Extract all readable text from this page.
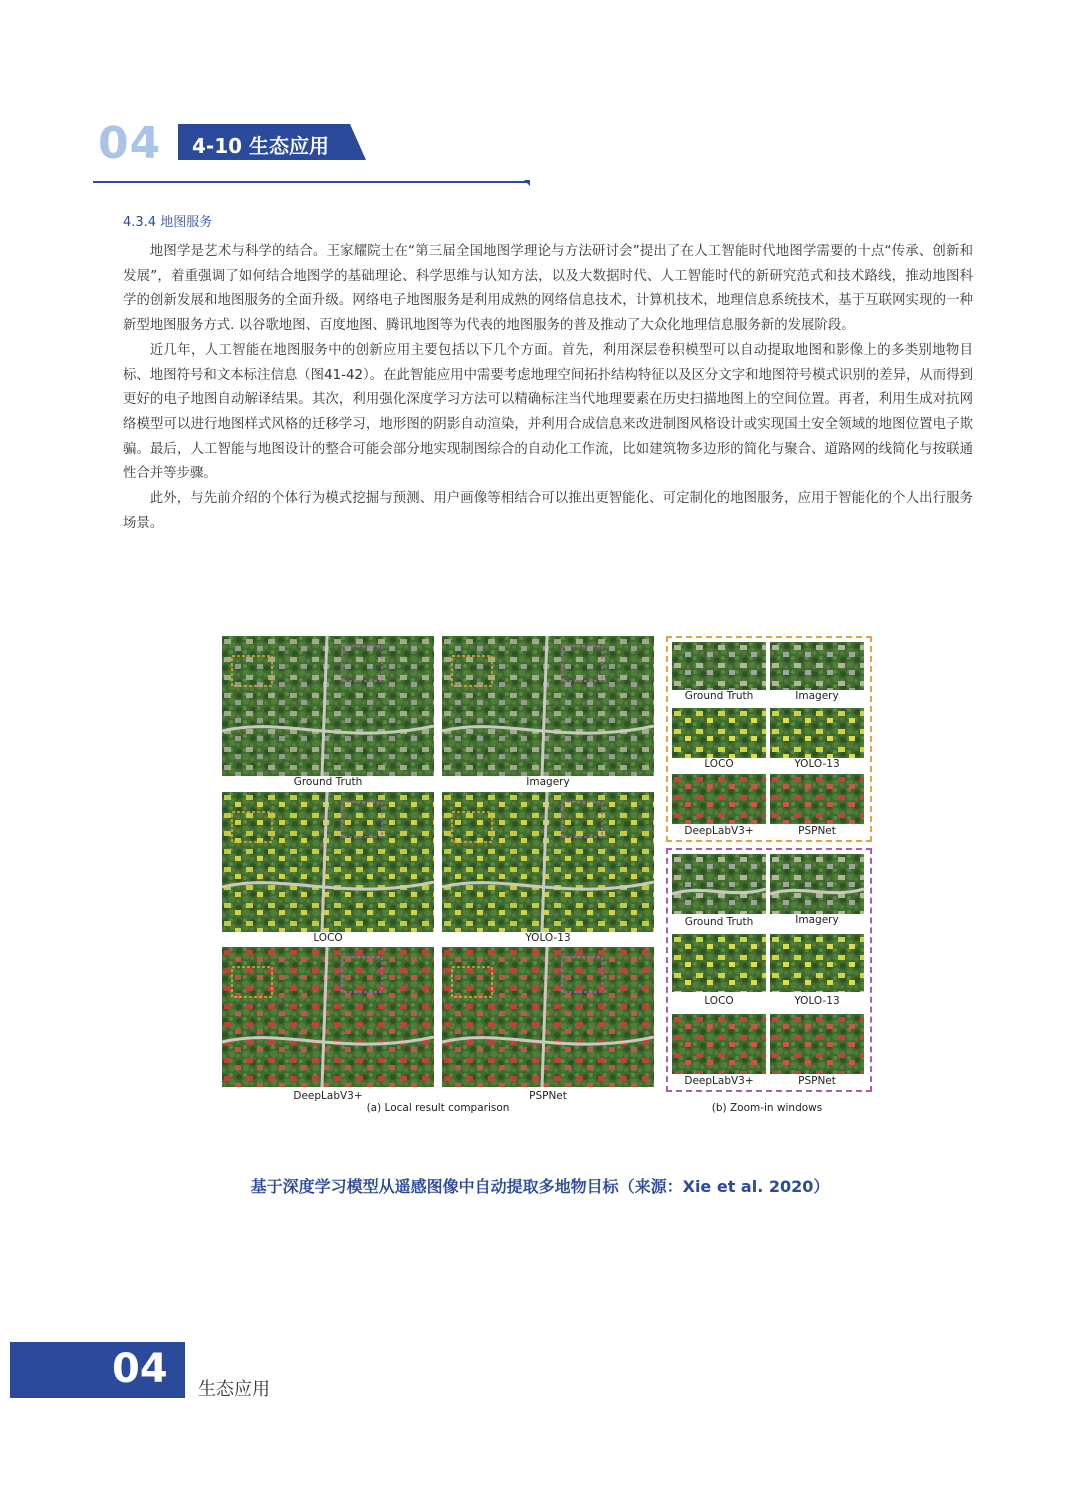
04 4-10 生态应用
4.3.4 地图服务

地图学是艺术与科学的结合。王家耀院士在“第三届全国地图学理论与方法研讨会”提出了在人工智能时代地图学需要的十点“传承、创新和发展”，着重强调了如何结合地图学的基础理论、科学思维与认知方法，以及大数据时代、人工智能时代的新研究范式和技术路线，推动地图科学的创新发展和地图服务的全面升级。网络电子地图服务是利用成熟的网络信息技术，计算机技术，地理信息系统技术，基于互联网实现的一种新型地图服务方式. 以谷歌地图、百度地图、腾讯地图等为代表的地图服务的普及推动了大众化地理信息服务新的发展阶段。

近几年，人工智能在地图服务中的创新应用主要包括以下几个方面。首先，利用深层卷积模型可以自动提取地图和影像上的多类别地物目标、地图符号和文本标注信息（图41-42）。在此智能应用中需要考虑地理空间拓扑结构特征以及区分文字和地图符号模式识别的差异，从而得到更好的电子地图自动解译结果。其次，利用强化深度学习方法可以精确标注当代地理要素在历史扫描地图上的空间位置。再者，利用生成对抗网络模型可以进行地图样式风格的迁移学习，地形图的阴影自动渲染，并利用合成信息来改进制图风格设计或实现国土安全领域的地图位置电子欺骗。最后，人工智能与地图设计的整合可能会部分地实现制图综合的自动化工作流，比如建筑物多边形的简化与聚合、道路网的线简化与按联通性合并等步骤。

此外，与先前介绍的个体行为模式挖掘与预测、用户画像等相结合可以推出更智能化、可定制化的地图服务，应用于智能化的个人出行服务场景。

Ground Truth	Imagery
LOCO	YOLO-13
DeepLabV3+	PSPNet
(a) Local result comparison
Ground Truth	Imagery
LOCO	YOLO-13
DeepLabV3+	PSPNet
Ground Truth	Imagery
LOCO	YOLO-13
DeepLabV3+	PSPNet
(b) Zoom-in windows
基于深度学习模型从遥感图像中自动提取多地物目标（来源：Xie et al. 2020）
04 生态应用
